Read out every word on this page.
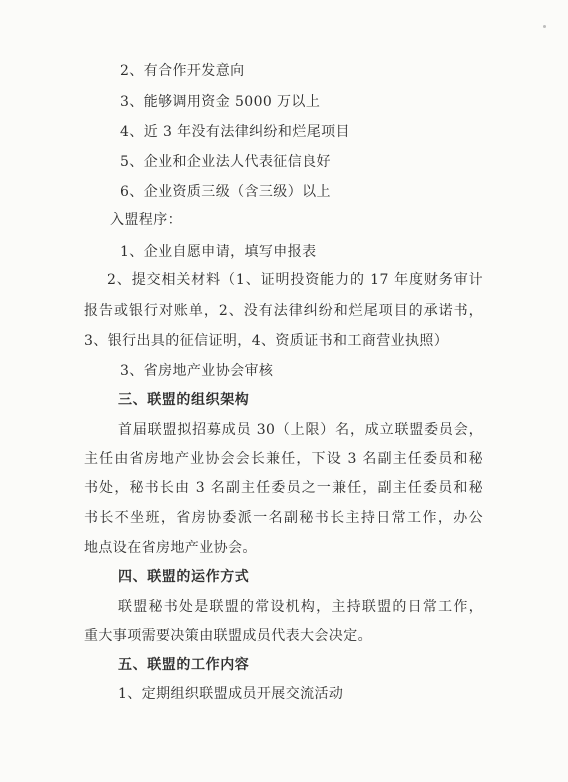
2、有合作开发意向
3、能够调用资金 5000 万以上
4、近 3 年没有法律纠纷和烂尾项目
5、企业和企业法人代表征信良好
6、企业资质三级（含三级）以上
入盟程序：
1、企业自愿申请，填写申报表
2、提交相关材料（1、证明投资能力的 17 年度财务审计
报告或银行对账单，2、没有法律纠纷和烂尾项目的承诺书，
3、银行出具的征信证明，4、资质证书和工商营业执照）
3、省房地产业协会审核
三、联盟的组织架构
首届联盟拟招募成员 30（上限）名，成立联盟委员会，
主任由省房地产业协会会长兼任，下设 3 名副主任委员和秘
书处，秘书长由 3 名副主任委员之一兼任，副主任委员和秘
书长不坐班，省房协委派一名副秘书长主持日常工作，办公
地点设在省房地产业协会。
四、联盟的运作方式
联盟秘书处是联盟的常设机构，主持联盟的日常工作，
重大事项需要决策由联盟成员代表大会决定。
五、联盟的工作内容
1、定期组织联盟成员开展交流活动
